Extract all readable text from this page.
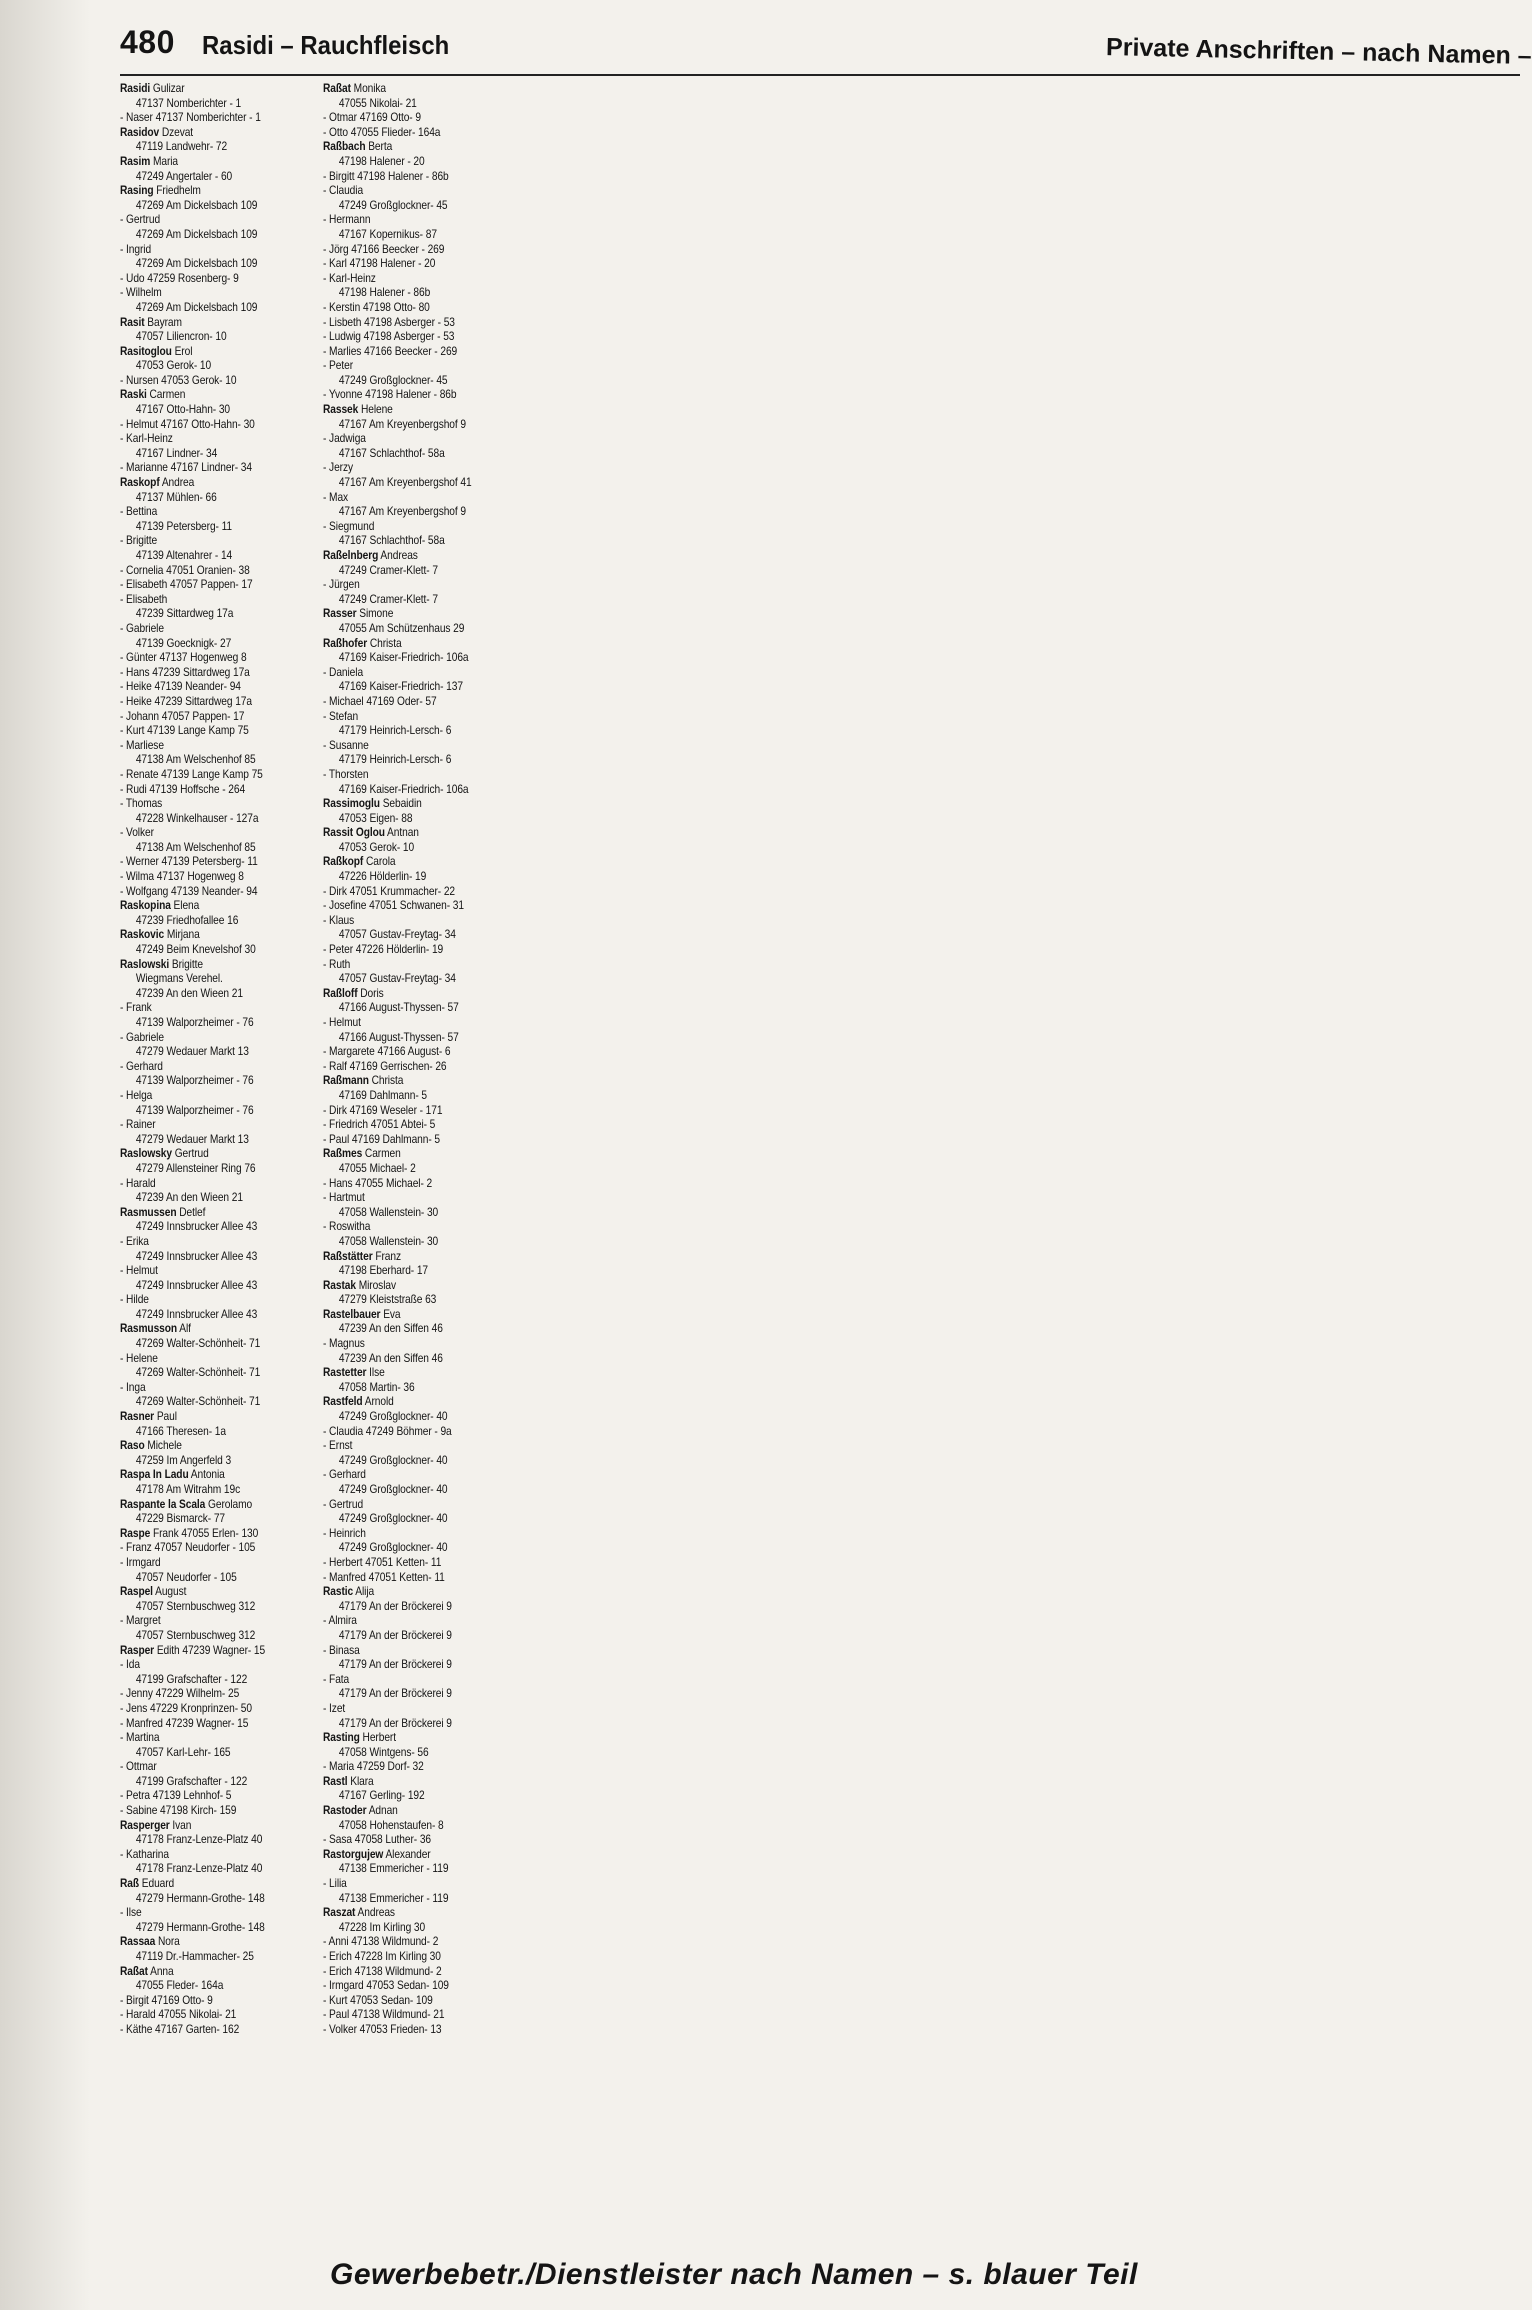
480 Rasidi – Rauchfleisch	Private Anschriften – nach Namen –
Rasidi Gulizar
47137 Nomberichter - 1
- Naser 47137 Nomberichter - 1
Rasidov Dzevat
47119 Landwehr- 72
Rasim Maria
47249 Angertaler - 60
Rasing Friedhelm
47269 Am Dickelsbach 109
- Gertrud
47269 Am Dickelsbach 109
- Ingrid
47269 Am Dickelsbach 109
- Udo 47259 Rosenberg- 9
- Wilhelm
47269 Am Dickelsbach 109
Rasit Bayram
47057 Liliencron- 10
Rasitoglou Erol
47053 Gerok- 10
- Nursen 47053 Gerok- 10
Raski Carmen
47167 Otto-Hahn- 30
- Helmut 47167 Otto-Hahn- 30
- Karl-Heinz
47167 Lindner- 34
- Marianne 47167 Lindner- 34
Raskopf Andrea
47137 Mühlen- 66
- Bettina
47139 Petersberg- 11
- Brigitte
47139 Altenahrer - 14
- Cornelia 47051 Oranien- 38
- Elisabeth 47057 Pappen- 17
- Elisabeth
47239 Sittardweg 17a
- Gabriele
47139 Goecknigk- 27
- Günter 47137 Hogenweg 8
- Hans 47239 Sittardweg 17a
- Heike 47139 Neander- 94
- Heike 47239 Sittardweg 17a
- Johann 47057 Pappen- 17
- Kurt 47139 Lange Kamp 75
- Marliese
47138 Am Welschenhof 85
- Renate 47139 Lange Kamp 75
- Rudi 47139 Hoffsche - 264
- Thomas
47228 Winkelhauser - 127a
- Volker
47138 Am Welschenhof 85
- Werner 47139 Petersberg- 11
- Wilma 47137 Hogenweg 8
- Wolfgang 47139 Neander- 94
Raskopina Elena
47239 Friedhofallee 16
Raskovic Mirjana
47249 Beim Knevelshof 30
Raslowski Brigitte
Wiegmans Verehel.
47239 An den Wieen 21
- Frank
47139 Walporzheimer - 76
- Gabriele
47279 Wedauer Markt 13
- Gerhard
47139 Walporzheimer - 76
- Helga
47139 Walporzheimer - 76
- Rainer
47279 Wedauer Markt 13
Raslowsky Gertrud
47279 Allensteiner Ring 76
- Harald
47239 An den Wieen 21
Rasmussen Detlef
47249 Innsbrucker Allee 43
- Erika
47249 Innsbrucker Allee 43
- Helmut
47249 Innsbrucker Allee 43
- Hilde
47249 Innsbrucker Allee 43
Rasmusson Alf
47269 Walter-Schönheit- 71
- Helene
47269 Walter-Schönheit- 71
- Inga
47269 Walter-Schönheit- 71
Rasner Paul
47166 Theresen- 1a
Raso Michele
47259 Im Angerfeld 3
Raspa In Ladu Antonia
47178 Am Witrahm 19c
Raspante la Scala Gerolamo
47229 Bismarck- 77
Raspe Frank 47055 Erlen- 130
- Franz 47057 Neudorfer - 105
- Irmgard
47057 Neudorfer - 105
Raspel August
47057 Sternbuschweg 312
- Margret
47057 Sternbuschweg 312
Rasper Edith 47239 Wagner- 15
- Ida
47199 Grafschafter - 122
- Jenny 47229 Wilhelm- 25
- Jens 47229 Kronprinzen- 50
- Manfred 47239 Wagner- 15
- Martina
47057 Karl-Lehr- 165
- Ottmar
47199 Grafschafter - 122
- Petra 47139 Lehnhof- 5
- Sabine 47198 Kirch- 159
Rasperger Ivan
47178 Franz-Lenze-Platz 40
- Katharina
47178 Franz-Lenze-Platz 40
Raß Eduard
47279 Hermann-Grothe- 148
- Ilse
47279 Hermann-Grothe- 148
Rassaa Nora
47119 Dr.-Hammacher- 25
Raßat Anna
47055 Fleder- 164a
- Birgit 47169 Otto- 9
- Harald 47055 Nikolai- 21
- Käthe 47167 Garten- 162
Raßat Monika
47055 Nikolai- 21
- Otmar 47169 Otto- 9
- Otto 47055 Flieder- 164a
Raßbach Berta
47198 Halener - 20
- Birgitt 47198 Halener - 86b
- Claudia
47249 Großglockner- 45
- Hermann
47167 Kopernikus- 87
- Jörg 47166 Beecker - 269
- Karl 47198 Halener - 20
- Karl-Heinz
47198 Halener - 86b
- Kerstin 47198 Otto- 80
- Lisbeth 47198 Asberger - 53
- Ludwig 47198 Asberger - 53
- Marlies 47166 Beecker - 269
- Peter
47249 Großglockner- 45
- Yvonne 47198 Halener - 86b
Rassek Helene
47167 Am Kreyenbergshof 9
- Jadwiga
47167 Schlachthof- 58a
- Jerzy
47167 Am Kreyenbergshof 41
- Max
47167 Am Kreyenbergshof 9
- Siegmund
47167 Schlachthof- 58a
Raßelnberg Andreas
47249 Cramer-Klett- 7
- Jürgen
47249 Cramer-Klett- 7
Rasser Simone
47055 Am Schützenhaus 29
Raßhofer Christa
47169 Kaiser-Friedrich- 106a
- Daniela
47169 Kaiser-Friedrich- 137
- Michael 47169 Oder- 57
- Stefan
47179 Heinrich-Lersch- 6
- Susanne
47179 Heinrich-Lersch- 6
- Thorsten
47169 Kaiser-Friedrich- 106a
Rassimoglu Sebaidin
47053 Eigen- 88
Rassit Oglou Antnan
47053 Gerok- 10
Raßkopf Carola
47226 Hölderlin- 19
- Dirk 47051 Krummacher- 22
- Josefine 47051 Schwanen- 31
- Klaus
47057 Gustav-Freytag- 34
- Peter 47226 Hölderlin- 19
- Ruth
47057 Gustav-Freytag- 34
Raßloff Doris
47166 August-Thyssen- 57
- Helmut
47166 August-Thyssen- 57
- Margarete 47166 August- 6
- Ralf 47169 Gerrischen- 26
Raßmann Christa
47169 Dahlmann- 5
- Dirk 47169 Weseler - 171
- Friedrich 47051 Abtei- 5
- Paul 47169 Dahlmann- 5
Raßmes Carmen
47055 Michael- 2
- Hans 47055 Michael- 2
- Hartmut
47058 Wallenstein- 30
- Roswitha
47058 Wallenstein- 30
Raßstätter Franz
47198 Eberhard- 17
Rastak Miroslav
47279 Kleiststraße 63
Rastelbauer Eva
47239 An den Siffen 46
- Magnus
47239 An den Siffen 46
Rastetter Ilse
47058 Martin- 36
Rastfeld Arnold
47249 Großglockner- 40
- Claudia 47249 Böhmer - 9a
- Ernst
47249 Großglockner- 40
- Gerhard
47249 Großglockner- 40
- Gertrud
47249 Großglockner- 40
- Heinrich
47249 Großglockner- 40
- Herbert 47051 Ketten- 11
- Manfred 47051 Ketten- 11
Rastic Alija
47179 An der Bröckerei 9
- Almira
47179 An der Bröckerei 9
- Binasa
47179 An der Bröckerei 9
- Fata
47179 An der Bröckerei 9
- Izet
47179 An der Bröckerei 9
Rasting Herbert
47058 Wintgens- 56
- Maria 47259 Dorf- 32
Rastl Klara
47167 Gerling- 192
Rastoder Adnan
47058 Hohenstaufen- 8
- Sasa 47058 Luther- 36
Rastorgujew Alexander
47138 Emmericher - 119
- Lilia
47138 Emmericher - 119
Raszat Andreas
47228 Im Kirling 30
- Anni 47138 Wildmund- 2
- Erich 47228 Im Kirling 30
- Erich 47138 Wildmund- 2
- Irmgard 47053 Sedan- 109
- Kurt 47053 Sedan- 109
- Paul 47138 Wildmund- 21
- Volker 47053 Frieden- 13
Gewerbebetr./Dienstleister nach Namen – s. blauer Teil
